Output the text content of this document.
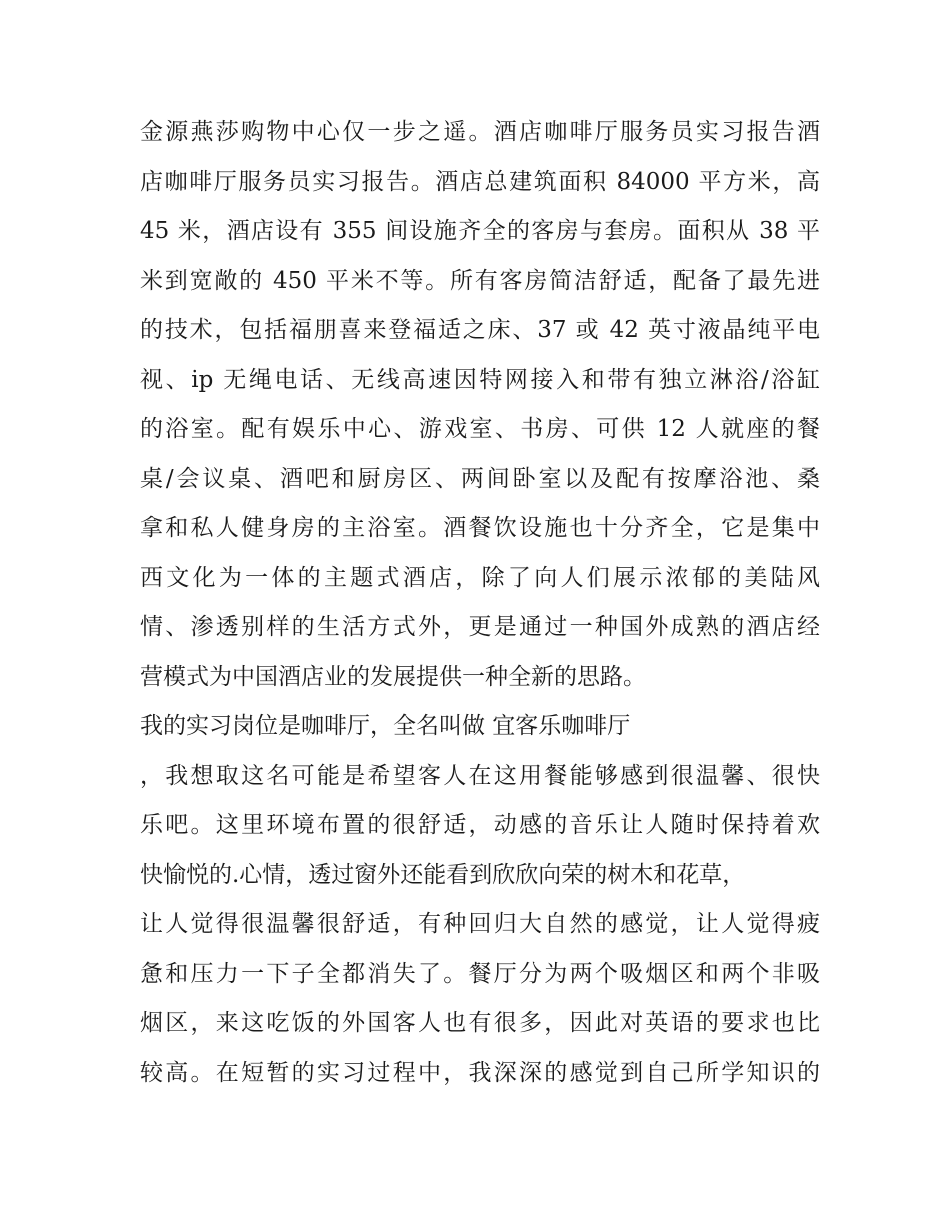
金源燕莎购物中心仅一步之遥。酒店咖啡厅服务员实习报告酒
店咖啡厅服务员实习报告。酒店总建筑面积 84000 平方米，高
45 米，酒店设有 355 间设施齐全的客房与套房。面积从 38 平
米到宽敞的 450 平米不等。所有客房简洁舒适，配备了最先进
的技术，包括福朋喜来登福适之床、37 或 42 英寸液晶纯平电
视、ip 无绳电话、无线高速因特网接入和带有独立淋浴/浴缸
的浴室。配有娱乐中心、游戏室、书房、可供 12 人就座的餐
桌/会议桌、酒吧和厨房区、两间卧室以及配有按摩浴池、桑
拿和私人健身房的主浴室。酒餐饮设施也十分齐全，它是集中
西文化为一体的主题式酒店，除了向人们展示浓郁的美陆风
情、渗透别样的生活方式外，更是通过一种国外成熟的酒店经
营模式为中国酒店业的发展提供一种全新的思路。
我的实习岗位是咖啡厅，全名叫做 宜客乐咖啡厅
，我想取这名可能是希望客人在这用餐能够感到很温馨、很快
乐吧。这里环境布置的很舒适，动感的音乐让人随时保持着欢
快愉悦的.心情，透过窗外还能看到欣欣向荣的树木和花草，
让人觉得很温馨很舒适，有种回归大自然的感觉，让人觉得疲
惫和压力一下子全都消失了。餐厅分为两个吸烟区和两个非吸
烟区，来这吃饭的外国客人也有很多，因此对英语的要求也比
较高。在短暂的实习过程中，我深深的感觉到自己所学知识的
